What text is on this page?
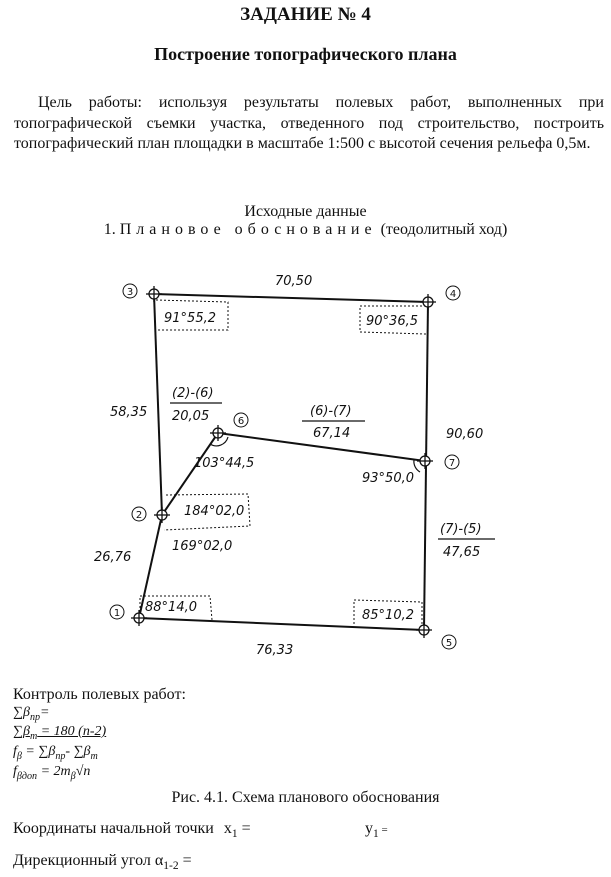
ЗАДАНИЕ № 4
Построение топографического плана
Цель работы: используя результаты полевых работ, выполненных при топографической съемки участка, отведенного под строительство, построить топографический план площадки в масштабе 1:500 с высотой сечения рельефа 0,5м.
Исходные данные
1. Плановое обоснование (теодолитный ход)
3	4
5
1
2
6
7
91°55,2	90°36,5
103°44,5
93°50,0
184°02,0
169°02,0
88°14,0
85°10,2
70,50
58,35
90,60
26,76
76,33
(2)-(6)
20,05	(6)-(7)
67,14
(7)-(5)
47,65
Контроль полевых работ:
$\sum\beta_{пр}=$
$\sum\beta_т = 180$ (n-2)
$f_\beta = \sum\beta_{пр}-$ $\sum\beta_т$
$f_{\beta доп} = 2m_\beta√n$
Рис. 4.1. Схема планового обоснования
Координаты начальной точки $x_1$ =	$y_1$ =
Дирекционный угол $\alpha_{1-2}$ =
